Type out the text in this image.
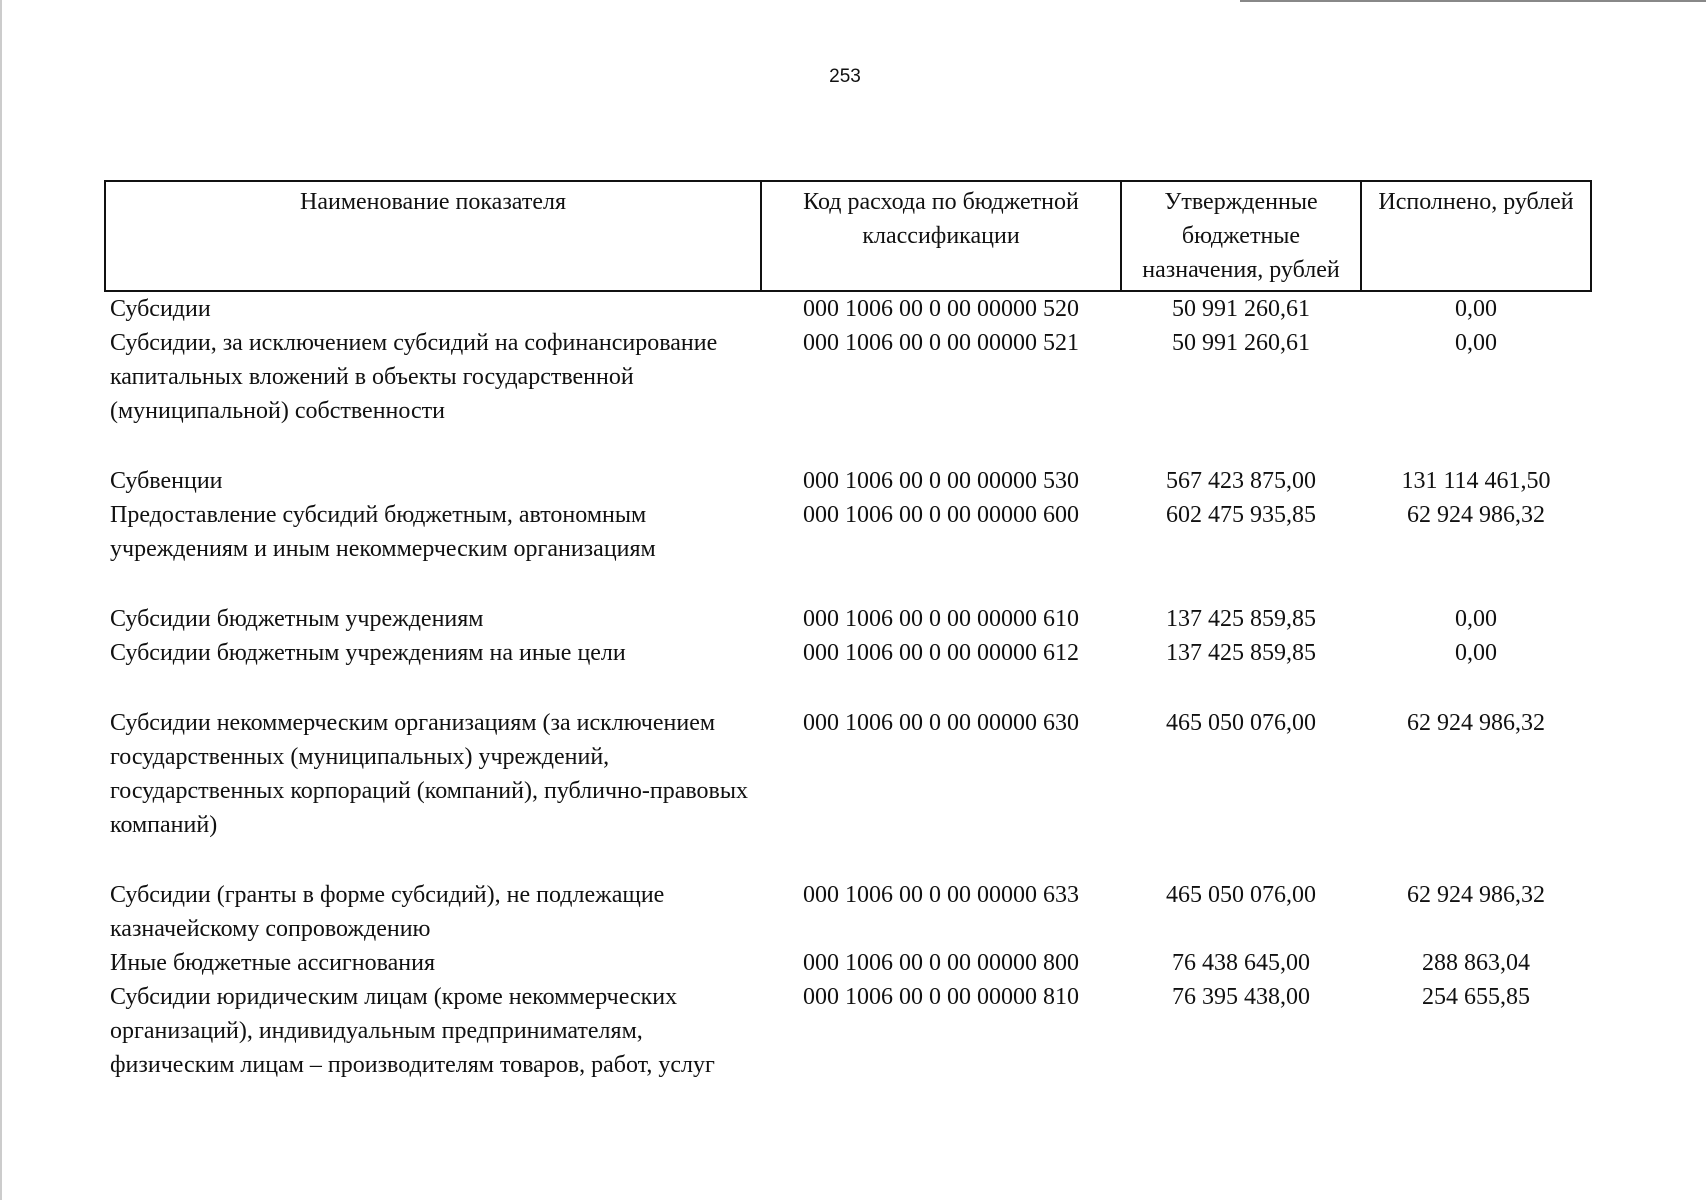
253
Наименование показателя	Код расхода по бюджетной классификации	Утвержденные бюджетные назначения, рублей	Исполнено, рублей
Субсидии	000 1006 00 0 00 00000 520	50 991 260,61	0,00
Субсидии, за исключением субсидий на софинансирование капитальных вложений в объекты государственной (муниципальной) собственности	000 1006 00 0 00 00000 521	50 991 260,61	0,00
Субвенции	000 1006 00 0 00 00000 530	567 423 875,00	131 114 461,50
Предоставление субсидий бюджетным, автономным учреждениям и иным некоммерческим организациям	000 1006 00 0 00 00000 600	602 475 935,85	62 924 986,32
Субсидии бюджетным учреждениям	000 1006 00 0 00 00000 610	137 425 859,85	0,00
Субсидии бюджетным учреждениям на иные цели	000 1006 00 0 00 00000 612	137 425 859,85	0,00
Субсидии некоммерческим организациям (за исключением государственных (муниципальных) учреждений, государственных корпораций (компаний), публично-правовых компаний)	000 1006 00 0 00 00000 630	465 050 076,00	62 924 986,32
Субсидии (гранты в форме субсидий), не подлежащие казначейскому сопровождению	000 1006 00 0 00 00000 633	465 050 076,00	62 924 986,32
Иные бюджетные ассигнования	000 1006 00 0 00 00000 800	76 438 645,00	288 863,04
Субсидии юридическим лицам (кроме некоммерческих организаций), индивидуальным предпринимателям, физическим лицам – производителям товаров, работ, услуг	000 1006 00 0 00 00000 810	76 395 438,00	254 655,85
